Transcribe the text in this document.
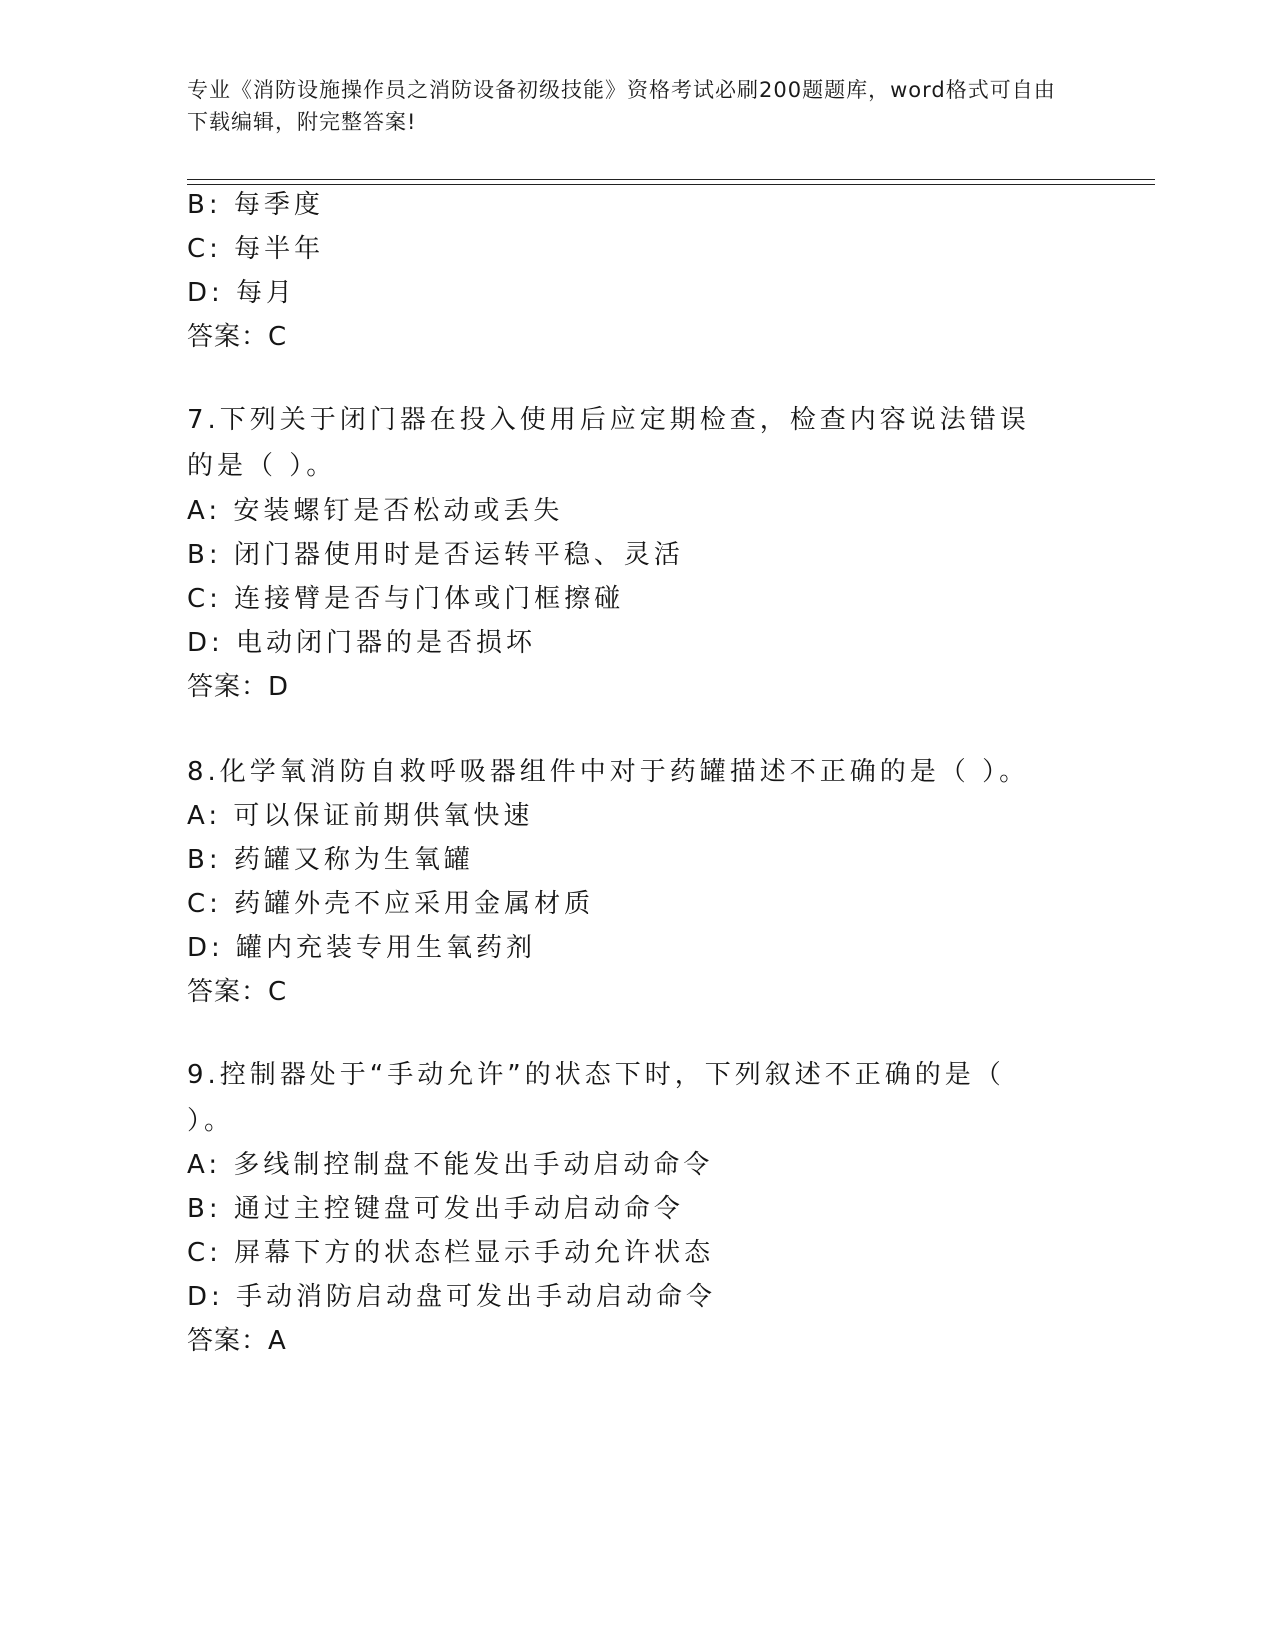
专业《消防设施操作员之消防设备初级技能》资格考试必刷200题题库，word格式可自由下载编辑，附完整答案!
B: 每季度
C: 每半年
D: 每月
答案：C
7.下列关于闭门器在投入使用后应定期检查，检查内容说法错误的是（ ）。
A: 安装螺钉是否松动或丢失
B: 闭门器使用时是否运转平稳、灵活
C: 连接臂是否与门体或门框擦碰
D: 电动闭门器的是否损坏
答案：D
8.化学氧消防自救呼吸器组件中对于药罐描述不正确的是（ ）。
A: 可以保证前期供氧快速
B: 药罐又称为生氧罐
C: 药罐外壳不应采用金属材质
D: 罐内充装专用生氧药剂
答案：C
9.控制器处于“手动允许”的状态下时，下列叙述不正确的是（ ）。
A: 多线制控制盘不能发出手动启动命令
B: 通过主控键盘可发出手动启动命令
C: 屏幕下方的状态栏显示手动允许状态
D: 手动消防启动盘可发出手动启动命令
答案：A
